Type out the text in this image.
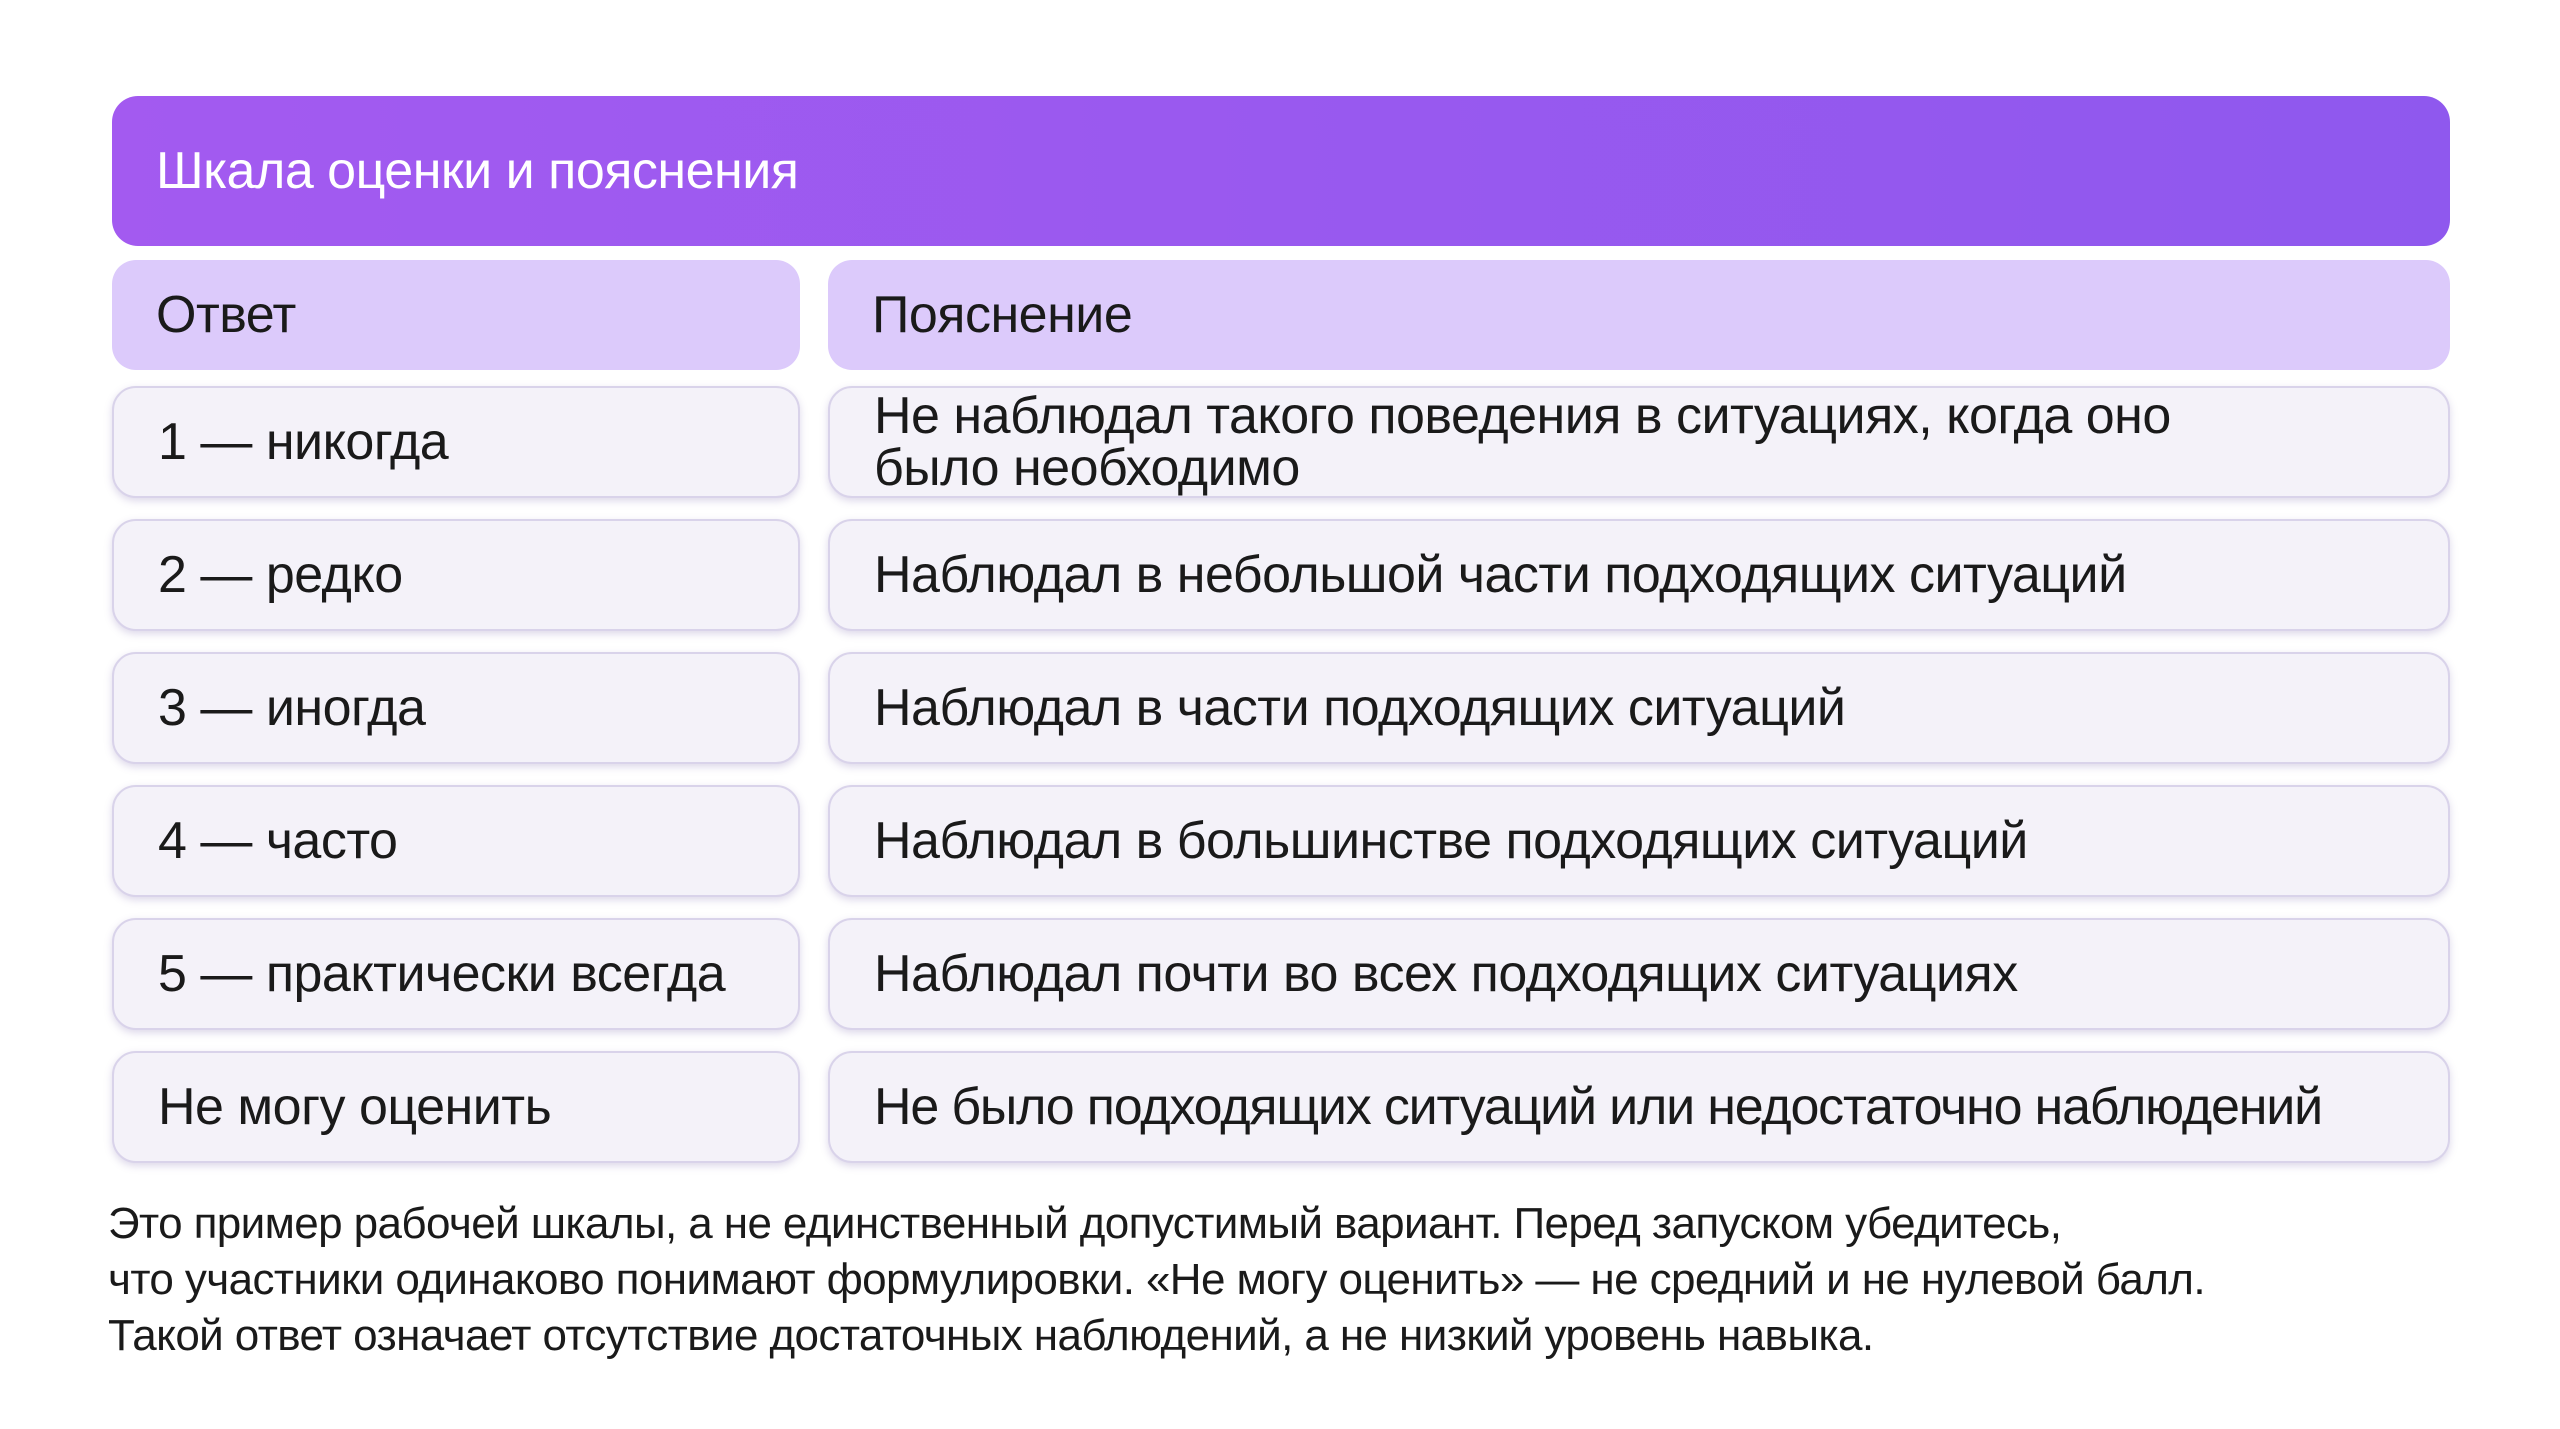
Шкала оценки и пояснения
Ответ	Пояснение
1 — никогда	Не наблюдал такого поведения в ситуациях, когда оно было необходимо
2 — редко	Наблюдал в небольшой части подходящих ситуаций
3 — иногда	Наблюдал в части подходящих ситуаций
4 — часто	Наблюдал в большинстве подходящих ситуаций
5 — практически всегда	Наблюдал почти во всех подходящих ситуациях
Не могу оценить	Не было подходящих ситуаций или недостаточно наблюдений
Это пример рабочей шкалы, а не единственный допустимый вариант. Перед запуском убедитесь,
что участники одинаково понимают формулировки. «Не могу оценить» — не средний и не нулевой балл.
Такой ответ означает отсутствие достаточных наблюдений, а не низкий уровень навыка.
